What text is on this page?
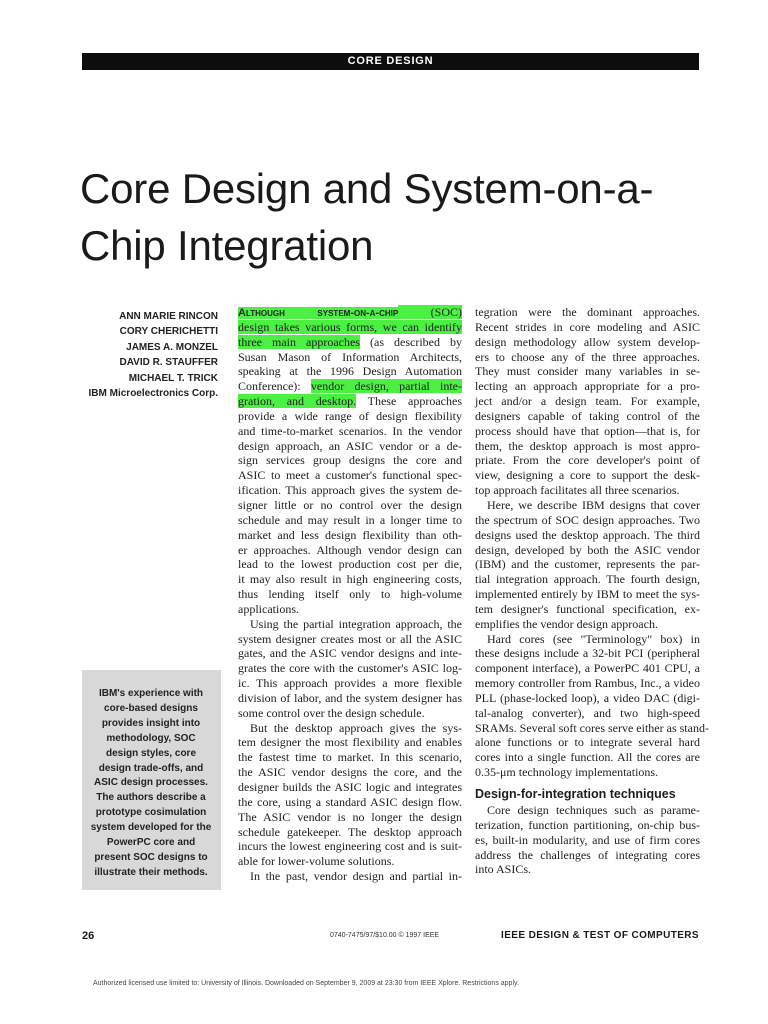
CORE DESIGN
Core Design and System-on-a-
Chip Integration
ANN MARIE RINCON
CORY CHERICHETTI
JAMES A. MONZEL
DAVID R. STAUFFER
MICHAEL T. TRICK
IBM Microelectronics Corp.
IBM's experience with
core-based designs
provides insight into
methodology, SOC
design styles, core
design trade-offs, and
ASIC design processes.
The authors describe a
prototype cosimulation
system developed for the
PowerPC core and
present SOC designs to
illustrate their methods.

Although system-on-a-chip (SOC)

design takes various forms, we can identify

three main approaches (as described by

Susan Mason of Information Architects,

speaking at the 1996 Design Automation

Conference): vendor design, partial inte-

gration, and desktop. These approaches

provide a wide range of design flexibility

and time-to-market scenarios. In the vendor

design approach, an ASIC vendor or a de-

sign services group designs the core and

ASIC to meet a customer's functional spec-

ification. This approach gives the system de-

signer little or no control over the design

schedule and may result in a longer time to

market and less design flexibility than oth-

er approaches. Although vendor design can

lead to the lowest production cost per die,

it may also result in high engineering costs,

thus lending itself only to high-volume

applications.

Using the partial integration approach, the

system designer creates most or all the ASIC

gates, and the ASIC vendor designs and inte-

grates the core with the customer's ASIC log-

ic. This approach provides a more flexible

division of labor, and the system designer has

some control over the design schedule.

But the desktop approach gives the sys-

tem designer the most flexibility and enables

the fastest time to market. In this scenario,

the ASIC vendor designs the core, and the

designer builds the ASIC logic and integrates

the core, using a standard ASIC design flow.

The ASIC vendor is no longer the design

schedule gatekeeper. The desktop approach

incurs the lowest engineering cost and is suit-

able for lower-volume solutions.

In the past, vendor design and partial in-

tegration were the dominant approaches.

Recent strides in core modeling and ASIC

design methodology allow system develop-

ers to choose any of the three approaches.

They must consider many variables in se-

lecting an approach appropriate for a pro-

ject and/or a design team. For example,

designers capable of taking control of the

process should have that option—that is, for

them, the desktop approach is most appro-

priate. From the core developer's point of

view, designing a core to support the desk-

top approach facilitates all three scenarios.

Here, we describe IBM designs that cover

the spectrum of SOC design approaches. Two

designs used the desktop approach. The third

design, developed by both the ASIC vendor

(IBM) and the customer, represents the par-

tial integration approach. The fourth design,

implemented entirely by IBM to meet the sys-

tem designer's functional specification, ex-

emplifies the vendor design approach.

Hard cores (see "Terminology" box) in

these designs include a 32-bit PCI (peripheral

component interface), a PowerPC 401 CPU, a

memory controller from Rambus, Inc., a video

PLL (phase-locked loop), a video DAC (digi-

tal-analog converter), and two high-speed

SRAMs. Several soft cores serve either as stand-

alone functions or to integrate several hard

cores into a single function. All the cores are

0.35-μm technology implementations.

Design-for-integration techniques

Core design techniques such as parame-

terization, function partitioning, on-chip bus-

es, built-in modularity, and use of firm cores

address the challenges of integrating cores

into ASICs.

26	0740-7475/97/$10.00 © 1997 IEEE	IEEE DESIGN & TEST OF COMPUTERS
Authorized licensed use limited to: University of Illinois. Downloaded on September 9, 2009 at 23:30 from IEEE Xplore. Restrictions apply.
